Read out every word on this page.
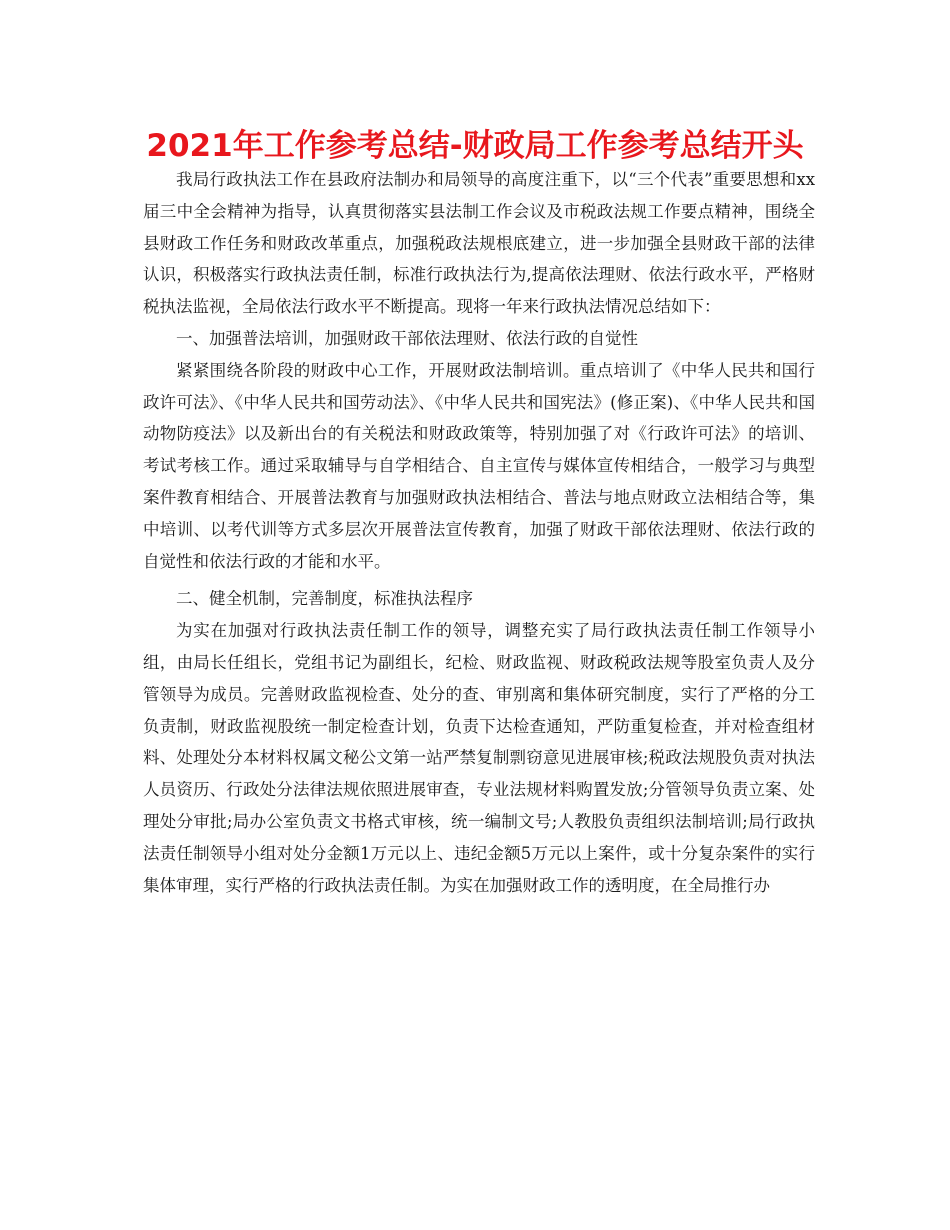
2021年工作参考总结-财政局工作参考总结开头

我局行政执法工作在县政府法制办和局领导的高度注重下，以“三个代表”重要思想和xx届三中全会精神为指导，认真贯彻落实县法制工作会议及市税政法规工作要点精神，围绕全县财政工作任务和财政改革重点，加强税政法规根底建立，进一步加强全县财政干部的法律认识，积极落实行政执法责任制，标准行政执法行为,提高依法理财、依法行政水平，严格财税执法监视，全局依法行政水平不断提高。现将一年来行政执法情况总结如下：

一、加强普法培训，加强财政干部依法理财、依法行政的自觉性

紧紧围绕各阶段的财政中心工作，开展财政法制培训。重点培训了《中华人民共和国行政许可法》、《中华人民共和国劳动法》、《中华人民共和国宪法》(修正案)、《中华人民共和国动物防疫法》以及新出台的有关税法和财政政策等，特别加强了对《行政许可法》的培训、考试考核工作。通过采取辅导与自学相结合、自主宣传与媒体宣传相结合，一般学习与典型案件教育相结合、开展普法教育与加强财政执法相结合、普法与地点财政立法相结合等，集中培训、以考代训等方式多层次开展普法宣传教育，加强了财政干部依法理财、依法行政的自觉性和依法行政的才能和水平。

二、健全机制，完善制度，标准执法程序

为实在加强对行政执法责任制工作的领导，调整充实了局行政执法责任制工作领导小组，由局长任组长，党组书记为副组长，纪检、财政监视、财政税政法规等股室负责人及分管领导为成员。完善财政监视检查、处分的查、审别离和集体研究制度，实行了严格的分工负责制，财政监视股统一制定检查计划，负责下达检查通知，严防重复检查，并对检查组材料、处理处分本材料权属文秘公文第一站严禁复制剽窃意见进展审核;税政法规股负责对执法人员资历、行政处分法律法规依照进展审查，专业法规材料购置发放;分管领导负责立案、处理处分审批;局办公室负责文书格式审核，统一编制文号;人教股负责组织法制培训;局行政执法责任制领导小组对处分金额1万元以上、违纪金额5万元以上案件，或十分复杂案件的实行集体审理，实行严格的行政执法责任制。为实在加强财政工作的透明度，在全局推行办
